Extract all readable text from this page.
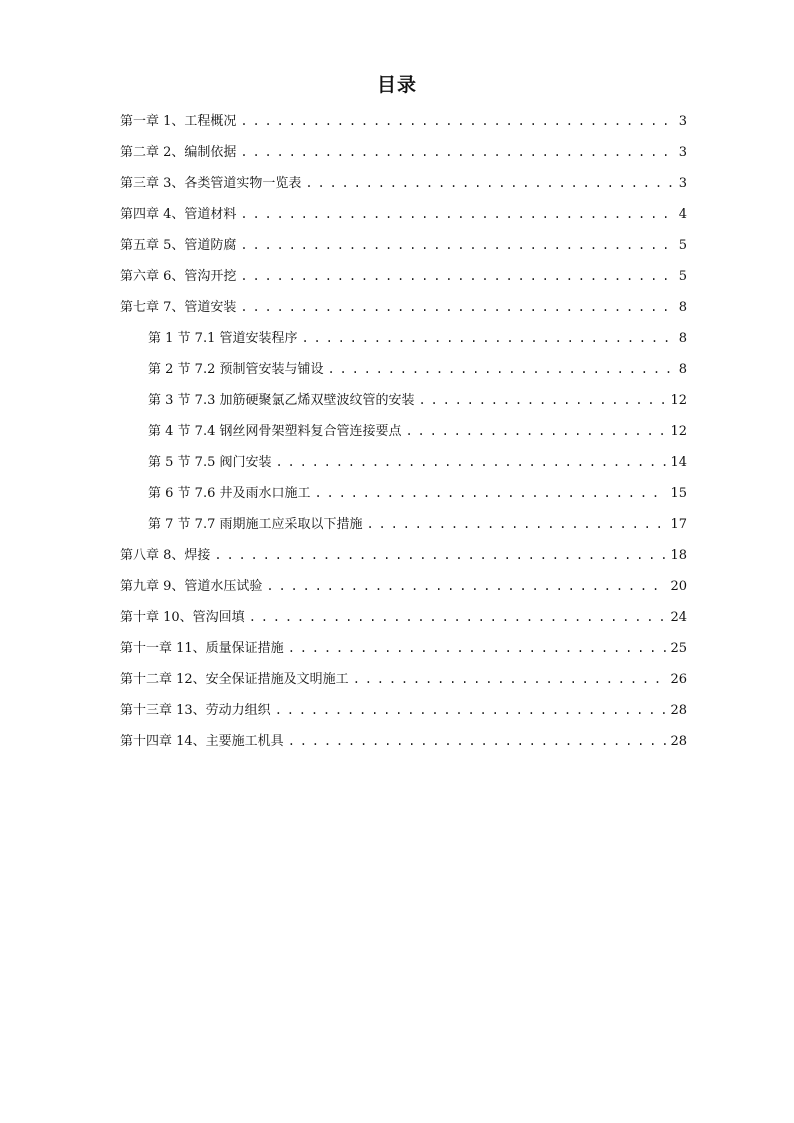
目录
第一章 1、工程概况 . . .	3
第二章 2、编制依据 . . .	3
第三章 3、各类管道实物一览表 . . .	3
第四章 4、管道材料 . . .	4
第五章 5、管道防腐 . . .	5
第六章 6、管沟开挖 . . .	5
第七章 7、管道安装 . . .	8
第 1 节 7.1 管道安装程序 . . .	8
第 2 节 7.2 预制管安装与铺设 . . .	8
第 3 节 7.3 加筋硬聚氯乙烯双壁波纹管的安装 . . .	12
第 4 节 7.4 钢丝网骨架塑料复合管连接要点 . . .	12
第 5 节 7.5 阀门安装 . . .	14
第 6 节 7.6 井及雨水口施工 . . .	15
第 7 节 7.7 雨期施工应采取以下措施 . . .	17
第八章 8、焊接 . . .	18
第九章 9、管道水压试验 . . .	20
第十章 10、管沟回填 . . .	24
第十一章 11、质量保证措施 . . .	25
第十二章 12、安全保证措施及文明施工 . . .	26
第十三章 13、劳动力组织 . . .	28
第十四章 14、主要施工机具 . . .	28
